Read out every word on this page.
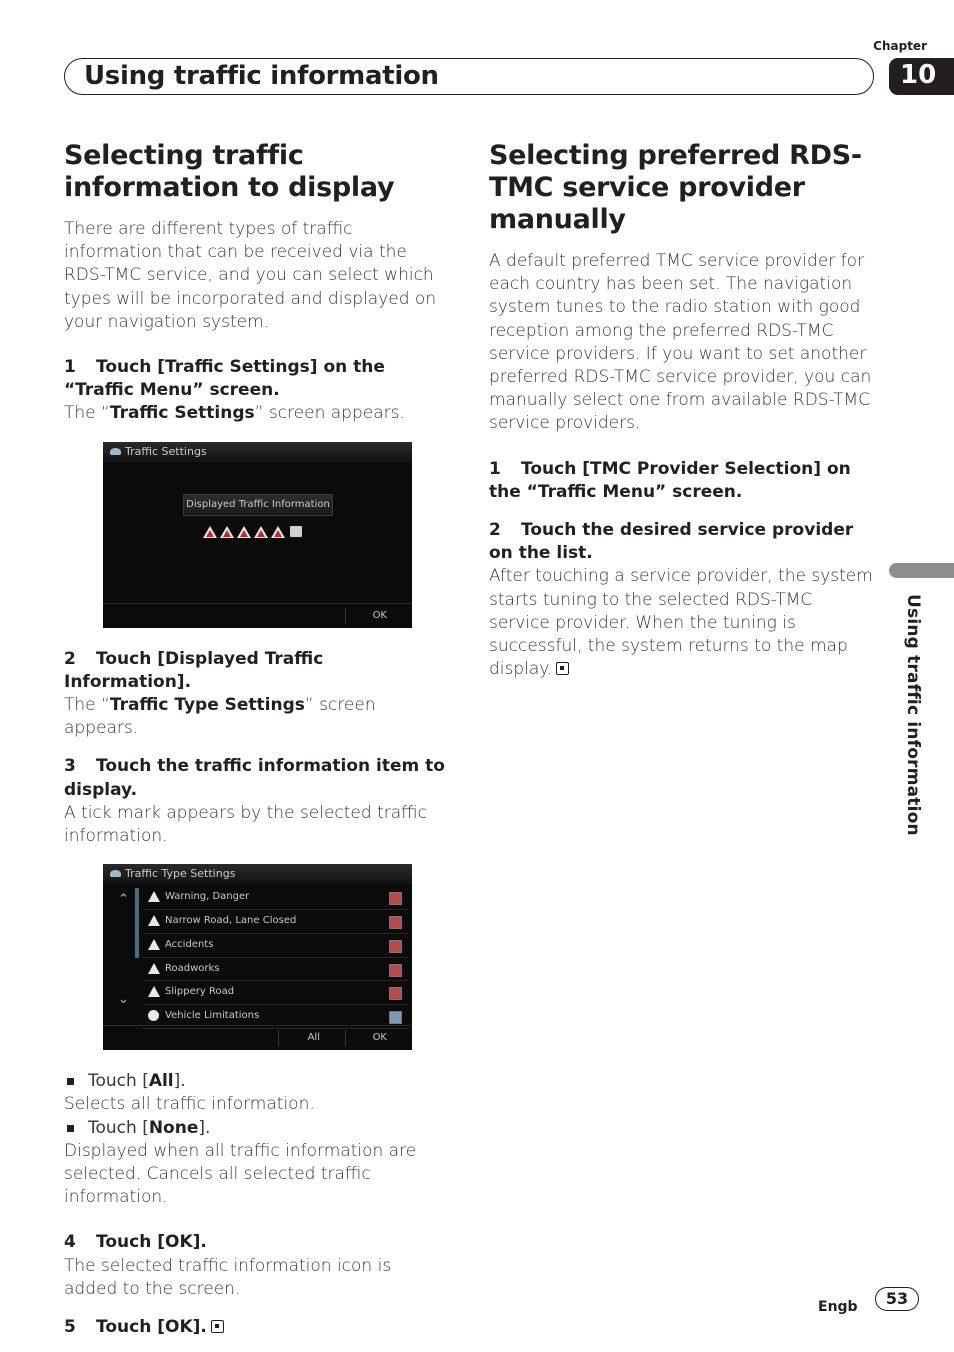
Chapter
Using traffic information	10
Selecting traffic information to display

There are different types of traffic information that can be received via the RDS-TMC service, and you can select which types will be incorporated and displayed on your navigation system.

1 Touch [Traffic Settings] on the “Traffic Menu” screen.

The “Traffic Settings” screen appears.

Traffic Settings
Displayed Traffic Information
OK
2 Touch [Displayed Traffic Information].

The “Traffic Type Settings” screen appears.

3 Touch the traffic information item to display.

A tick mark appears by the selected traffic information.

Traffic Type Settings
⌃
⌄
Warning, Danger
Narrow Road, Lane Closed
Accidents
Roadworks
Slippery Road
Vehicle Limitations
All	OK
Touch [All].

Selects all traffic information.

Touch [None].

Displayed when all traffic information are selected. Cancels all selected traffic information.

4 Touch [OK].

The selected traffic information icon is added to the screen.

5 Touch [OK].
Selecting preferred RDS-TMC service provider manually

A default preferred TMC service provider for each country has been set. The navigation system tunes to the radio station with good reception among the preferred RDS-TMC service providers. If you want to set another preferred RDS-TMC service provider, you can manually select one from available RDS-TMC service providers.

1 Touch [TMC Provider Selection] on the “Traffic Menu” screen.
2 Touch the desired service provider on the list.

After touching a service provider, the system starts tuning to the selected RDS-TMC service provider. When the tuning is successful, the system returns to the map display.	Using traffic information
Engb	53
